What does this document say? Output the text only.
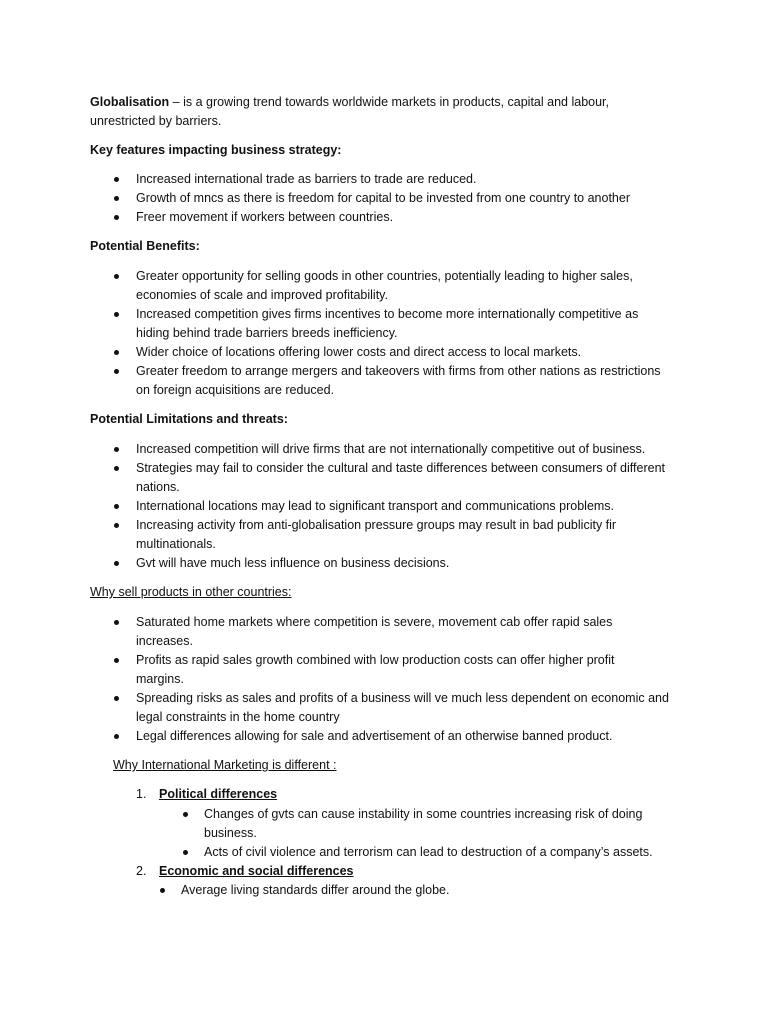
Globalisation – is a growing trend towards worldwide markets in products, capital and labour,
unrestricted by barriers.
Key features impacting business strategy:
Increased international trade as barriers to trade are reduced.
Growth of mncs as there is freedom for capital to be invested from one country to another
Freer movement if workers between countries.
Potential Benefits:
Greater opportunity for selling goods in other countries, potentially leading to higher sales,
economies of scale and improved profitability.
Increased competition gives firms incentives to become more internationally competitive as
hiding behind trade barriers breeds inefficiency.
Wider choice of locations offering lower costs and direct access to local markets.
Greater freedom to arrange mergers and takeovers with firms from other nations as restrictions
on foreign acquisitions are reduced.
Potential Limitations and threats:
Increased competition will drive firms that are not internationally competitive out of business.
Strategies may fail to consider the cultural and taste differences between consumers of different
nations.
International locations may lead to significant transport and communications problems.
Increasing activity from anti-globalisation pressure groups may result in bad publicity fir
multinationals.
Gvt will have much less influence on business decisions.
Why sell products in other countries:
Saturated home markets where competition is severe, movement cab offer rapid sales
increases.
Profits as rapid sales growth combined with low production costs can offer higher profit
margins.
Spreading risks as sales and profits of a business will ve much less dependent on economic and
legal constraints in the home country
Legal differences allowing for sale and advertisement of an otherwise banned product.
Why International Marketing is different :
1. Political differences
Changes of gvts can cause instability in some countries increasing risk of doing
business.
Acts of civil violence and terrorism can lead to destruction of a company’s assets.
2. Economic and social differences
Average living standards differ around the globe.
